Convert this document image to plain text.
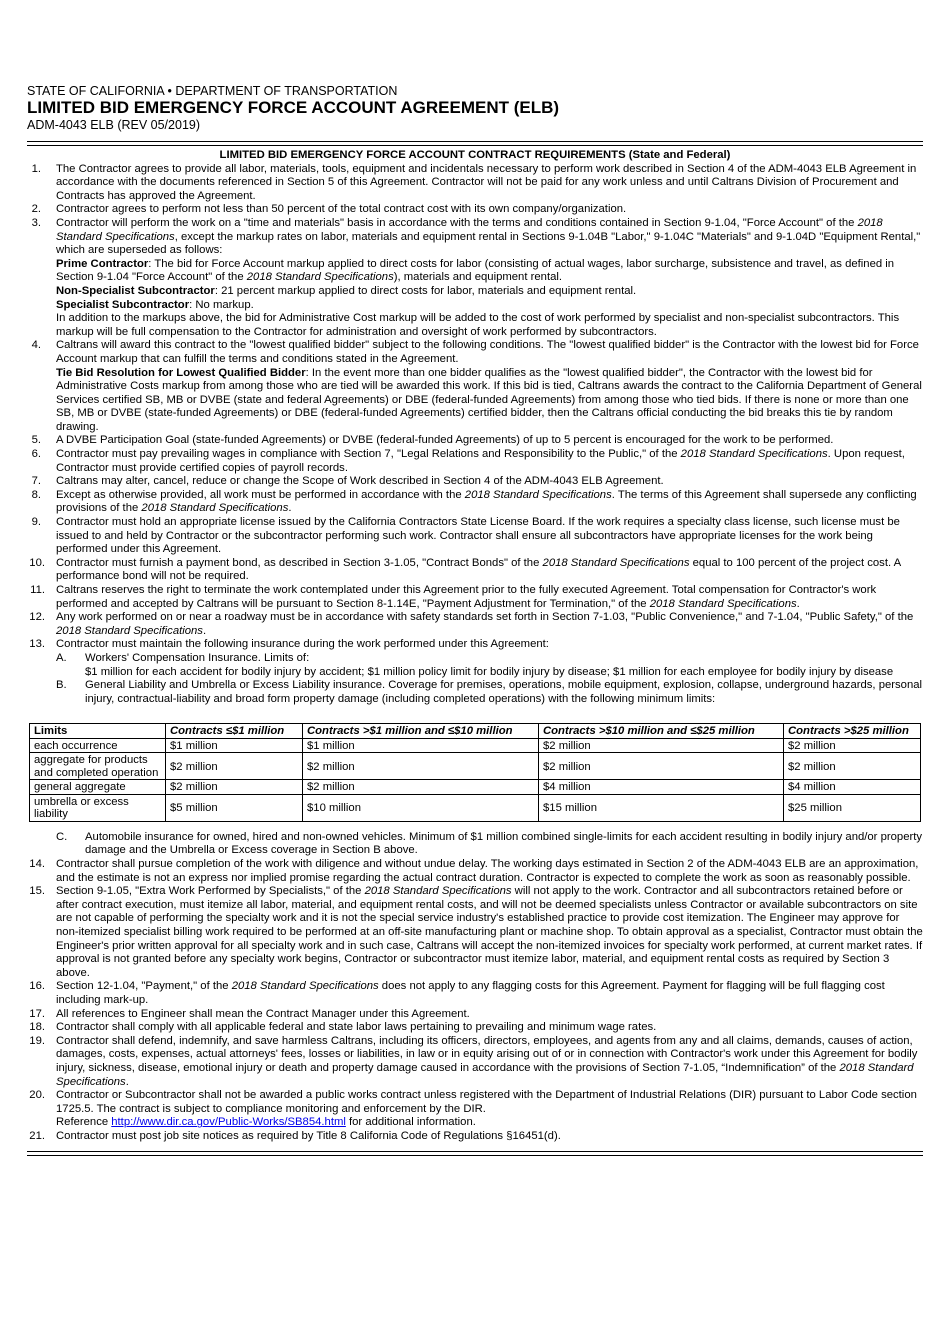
STATE OF CALIFORNIA • DEPARTMENT OF TRANSPORTATION
LIMITED BID EMERGENCY FORCE ACCOUNT AGREEMENT (ELB)
ADM-4043 ELB (REV 05/2019)
LIMITED BID EMERGENCY FORCE ACCOUNT CONTRACT REQUIREMENTS (State and Federal)
1. The Contractor agrees to provide all labor, materials, tools, equipment and incidentals necessary to perform work described in Section 4 of the ADM-4043 ELB Agreement in accordance with the documents referenced in Section 5 of this Agreement. Contractor will not be paid for any work unless and until Caltrans Division of Procurement and Contracts has approved the Agreement.
2. Contractor agrees to perform not less than 50 percent of the total contract cost with its own company/organization.
3. Contractor will perform the work on a "time and materials" basis in accordance with the terms and conditions contained in Section 9-1.04, "Force Account" of the 2018 Standard Specifications, except the markup rates on labor, materials and equipment rental in Sections 9-1.04B "Labor," 9-1.04C "Materials" and 9-1.04D "Equipment Rental," which are superseded as follows:
Prime Contractor: The bid for Force Account markup applied to direct costs for labor (consisting of actual wages, labor surcharge, subsistence and travel, as defined in Section 9-1.04 "Force Account" of the 2018 Standard Specifications), materials and equipment rental.
Non-Specialist Subcontractor: 21 percent markup applied to direct costs for labor, materials and equipment rental.
Specialist Subcontractor: No markup.
In addition to the markups above, the bid for Administrative Cost markup will be added to the cost of work performed by specialist and non-specialist subcontractors. This markup will be full compensation to the Contractor for administration and oversight of work performed by subcontractors.
4. Caltrans will award this contract to the "lowest qualified bidder" subject to the following conditions. The "lowest qualified bidder" is the Contractor with the lowest bid for Force Account markup that can fulfill the terms and conditions stated in the Agreement.
Tie Bid Resolution for Lowest Qualified Bidder: In the event more than one bidder qualifies as the "lowest qualified bidder", the Contractor with the lowest bid for Administrative Costs markup from among those who are tied will be awarded this work. If this bid is tied, Caltrans awards the contract to the California Department of General Services certified SB, MB or DVBE (state and federal Agreements) or DBE (federal-funded Agreements) from among those who tied bids. If there is none or more than one SB, MB or DVBE (state-funded Agreements) or DBE (federal-funded Agreements) certified bidder, then the Caltrans official conducting the bid breaks this tie by random drawing.
5. A DVBE Participation Goal (state-funded Agreements) or DVBE (federal-funded Agreements) of up to 5 percent is encouraged for the work to be performed.
6. Contractor must pay prevailing wages in compliance with Section 7, "Legal Relations and Responsibility to the Public," of the 2018 Standard Specifications. Upon request, Contractor must provide certified copies of payroll records.
7. Caltrans may alter, cancel, reduce or change the Scope of Work described in Section 4 of the ADM-4043 ELB Agreement.
8. Except as otherwise provided, all work must be performed in accordance with the 2018 Standard Specifications. The terms of this Agreement shall supersede any conflicting provisions of the 2018 Standard Specifications.
9. Contractor must hold an appropriate license issued by the California Contractors State License Board. If the work requires a specialty class license, such license must be issued to and held by Contractor or the subcontractor performing such work. Contractor shall ensure all subcontractors have appropriate licenses for the work being performed under this Agreement.
10. Contractor must furnish a payment bond, as described in Section 3-1.05, "Contract Bonds" of the 2018 Standard Specifications equal to 100 percent of the project cost. A performance bond will not be required.
11. Caltrans reserves the right to terminate the work contemplated under this Agreement prior to the fully executed Agreement. Total compensation for Contractor's work performed and accepted by Caltrans will be pursuant to Section 8-1.14E, "Payment Adjustment for Termination," of the 2018 Standard Specifications.
12. Any work performed on or near a roadway must be in accordance with safety standards set forth in Section 7-1.03, "Public Convenience," and 7-1.04, "Public Safety," of the 2018 Standard Specifications.
13. Contractor must maintain the following insurance during the work performed under this Agreement:
A. Workers' Compensation Insurance. Limits of:
$1 million for each accident for bodily injury by accident; $1 million policy limit for bodily injury by disease; $1 million for each employee for bodily injury by disease
B. General Liability and Umbrella or Excess Liability insurance. Coverage for premises, operations, mobile equipment, explosion, collapse, underground hazards, personal injury, contractual-liability and broad form property damage (including completed operations) with the following minimum limits:
Limits	Contracts ≤$1 million	Contracts >$1 million and ≤$10 million	Contracts >$10 million and ≤$25 million	Contracts >$25 million
each occurrence	$1 million	$1 million	$2 million	$2 million
aggregate for products and completed operation	$2 million	$2 million	$2 million	$2 million
general aggregate	$2 million	$2 million	$4 million	$4 million
umbrella or excess liability	$5 million	$10 million	$15 million	$25 million
C. Automobile insurance for owned, hired and non-owned vehicles. Minimum of $1 million combined single-limits for each accident resulting in bodily injury and/or property damage and the Umbrella or Excess coverage in Section B above.
14. Contractor shall pursue completion of the work with diligence and without undue delay. The working days estimated in Section 2 of the ADM-4043 ELB are an approximation, and the estimate is not an express nor implied promise regarding the actual contract duration. Contractor is expected to complete the work as soon as reasonably possible.
15. Section 9-1.05, "Extra Work Performed by Specialists," of the 2018 Standard Specifications will not apply to the work. Contractor and all subcontractors retained before or after contract execution, must itemize all labor, material, and equipment rental costs, and will not be deemed specialists unless Contractor or available subcontractors on site are not capable of performing the specialty work and it is not the special service industry's established practice to provide cost itemization. The Engineer may approve for non-itemized specialist billing work required to be performed at an off-site manufacturing plant or machine shop. To obtain approval as a specialist, Contractor must obtain the Engineer's prior written approval for all specialty work and in such case, Caltrans will accept the non-itemized invoices for specialty work performed, at current market rates. If approval is not granted before any specialty work begins, Contractor or subcontractor must itemize labor, material, and equipment rental costs as required by Section 3 above.
16. Section 12-1.04, "Payment," of the 2018 Standard Specifications does not apply to any flagging costs for this Agreement. Payment for flagging will be full flagging cost including mark-up.
17. All references to Engineer shall mean the Contract Manager under this Agreement.
18. Contractor shall comply with all applicable federal and state labor laws pertaining to prevailing and minimum wage rates.
19. Contractor shall defend, indemnify, and save harmless Caltrans, including its officers, directors, employees, and agents from any and all claims, demands, causes of action, damages, costs, expenses, actual attorneys' fees, losses or liabilities, in law or in equity arising out of or in connection with Contractor's work under this Agreement for bodily injury, sickness, disease, emotional injury or death and property damage caused in accordance with the provisions of Section 7-1.05, “Indemnification” of the 2018 Standard Specifications.
20. Contractor or Subcontractor shall not be awarded a public works contract unless registered with the Department of Industrial Relations (DIR) pursuant to Labor Code section 1725.5. The contract is subject to compliance monitoring and enforcement by the DIR.
Reference http://www.dir.ca.gov/Public-Works/SB854.html for additional information.
21. Contractor must post job site notices as required by Title 8 California Code of Regulations §16451(d).
